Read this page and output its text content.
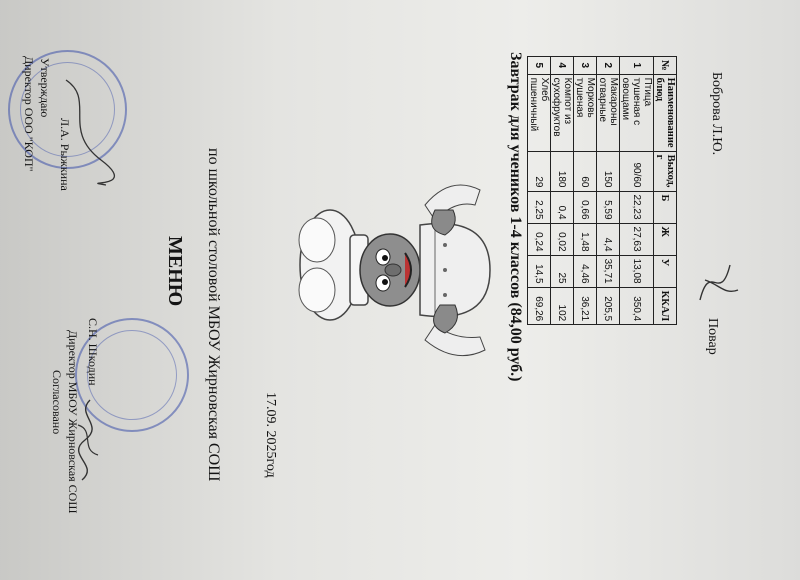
Утверждаю
Директор ООО "КОП" Л.А. Рыжкина
Согласовано Директор МБОУ Жирновская СОШ С.Н. Шкодин
МЕНЮ по школьной столовой МБОУ Жирновская СОШ	17.09. 2025год
Завтрак для учеников 1-4 классов (84,00 руб.)	№	Наименование блюд	Выход, г	Б	Ж	У	ККАЛ
1	Птица тушеная с овощами	90/60	22,23	27,63	13,08	350,4
2	Макароны отварные	150	5,59	4,4	35,71	205,5
3	Морковь тушеная	60	0,66	1,48	4,46	36,21
4	Компот из сухофруктов	180	0,4	0,02	25	102
5	Хлеб пшеничный	29	2,25	0,24	14,5	69,26
Повар
Боброва Л.Ю.
